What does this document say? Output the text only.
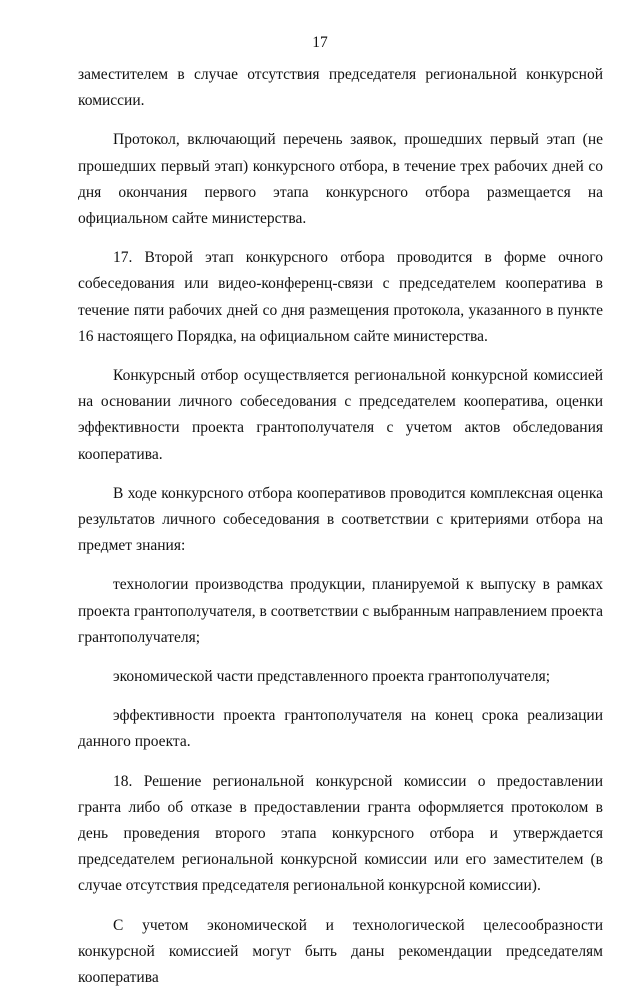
17

заместителем в случае отсутствия председателя региональной конкурсной комиссии.

Протокол, включающий перечень заявок, прошедших первый этап (не прошедших первый этап) конкурсного отбора, в течение трех рабочих дней со дня окончания первого этапа конкурсного отбора размещается на официальном сайте министерства.

17. Второй этап конкурсного отбора проводится в форме очного собеседования или видео-конференц-связи с председателем кооператива в течение пяти рабочих дней со дня размещения протокола, указанного в пункте 16 настоящего Порядка, на официальном сайте министерства.

Конкурсный отбор осуществляется региональной конкурсной комиссией на основании личного собеседования с председателем кооператива, оценки эффективности проекта грантополучателя с учетом актов обследования кооператива.

В ходе конкурсного отбора кооперативов проводится комплексная оценка результатов личного собеседования в соответствии с критериями отбора на предмет знания:

технологии производства продукции, планируемой к выпуску в рамках проекта грантополучателя, в соответствии с выбранным направлением проекта грантополучателя;

экономической части представленного проекта грантополучателя;

эффективности проекта грантополучателя на конец срока реализации данного проекта.

18. Решение региональной конкурсной комиссии о предоставлении гранта либо об отказе в предоставлении гранта оформляется протоколом в день проведения второго этапа конкурсного отбора и утверждается председателем региональной конкурсной комиссии или его заместителем (в случае отсутствия председателя региональной конкурсной комиссии).

С учетом экономической и технологической целесообразности конкурсной комиссией могут быть даны рекомендации председателям кооператива
